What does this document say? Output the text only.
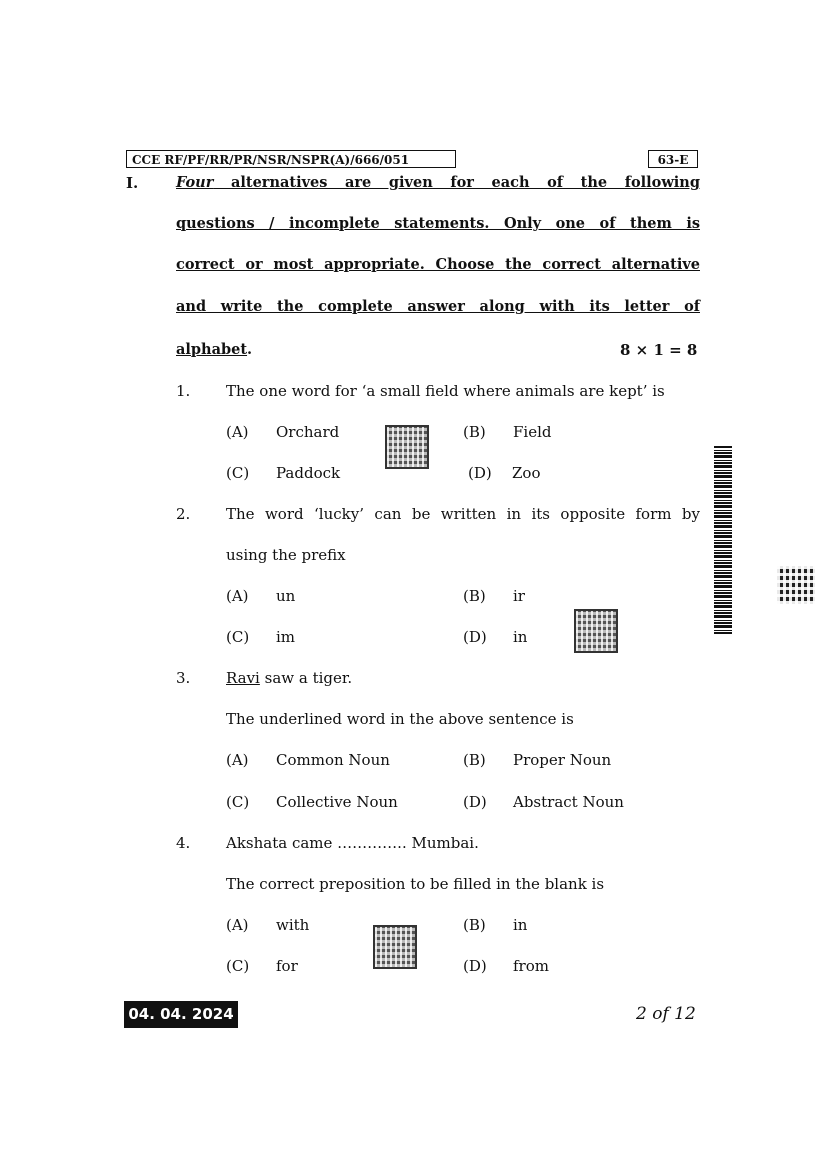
CCE RF/PF/RR/PR/NSR/NSPR(A)/666/051	63-E
I.	Four alternatives are given for each of the following
questions / incomplete statements. Only one of them is
correct or most appropriate. Choose the correct alternative
and write the complete answer along with its letter of
alphabet.	8 × 1 = 8
1. The one word for ‘a small field where animals are kept’ is
(A) Orchard	(B) Field
(C) Paddock	(D) Zoo
2. The word ‘lucky’ can be written in its opposite form by
using the prefix
(A) un	(B) ir
(C) im	(D) in
3. Ravi saw a tiger.
The underlined word in the above sentence is
(A) Common Noun	(B) Proper Noun
(C) Collective Noun	(D) Abstract Noun
4. Akshata came ………….. Mumbai.
The correct preposition to be filled in the blank is
(A) with	(B) in
(C) for	(D) from
04. 04. 2024	2 of 12
